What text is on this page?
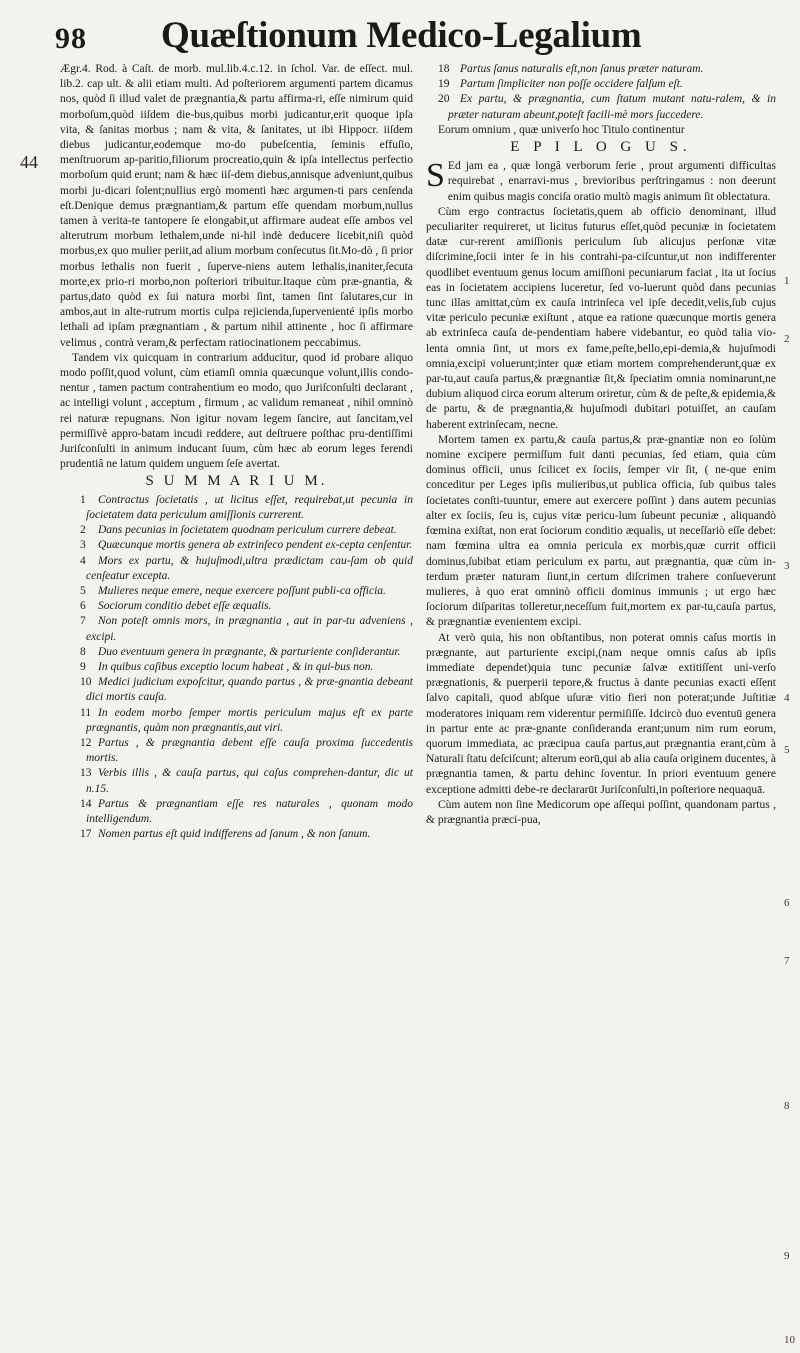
98 Quæſtionum Medico-Legalium
44

Ægr.4. Rod. à Caſt. de morb. mul.lib.4.c.12. in ſchol. Var. de eſſect. mul. lib.2. cap ult. & alii etiam multi. Ad poſteriorem argumenti partem dicamus nos, quòd ſi illud valet de prægnantia,& partu affirma-ri, eſſe nimirum quid morboſum,quòd iiſdem die-bus,quibus morbi judicantur,erit quoque ipſa vita, & ſanitas morbus ; nam & vita, & ſanitates, ut ibi Hippocr. iiſdem diebus judicantur,eodemque mo-do pubeſcentia, ſeminis effuſio, menſtruorum ap-paritio,filiorum procreatio,quin & ipſa intellectus perfectio morboſum quid erunt; nam & hæc iiſ-dem diebus,annisque adveniunt,quibus morbi ju-dicari ſolent;nullius ergò momenti hæc argumen-ti pars cenſenda eſt.Denique demus prægnantiam,& partum eſſe quendam morbum,nullus tamen à verita-te tantopere ſe elongabit,ut affirmare audeat eſſe ambos vel alterutrum morbum lethalem,unde ni-hil indè deducere licebit,niſi quòd morbus,ex quo mulier periit,ad alium morbum conſecutus ſit.Mo-dò , ſi prior morbus lethalis non fuerit , ſuperve-niens autem lethalis,inaniter,ſecuta morte,ex prio-ri morbo,non poſteriori tribuitur.Itaque cùm præ-gnantia, & partus,dato quòd ex ſui natura morbi ſint, tamen ſint ſalutares,cur in ambos,aut in alte-rutrum mortis culpa rejicienda,ſupervenienté ipſis morbo lethali ad ipſam prægnantiam , & partum nihil attinente , hoc ſi affirmare velimus , contrà veram,& perfectam ratiocinationem peccabimus.

Tandem vix quicquam in contrarium adducitur, quod id probare aliquo modo poſſit,quod volunt, cùm etiamſi omnia quæcunque volunt,illis condo-nentur , tamen pactum contrahentium eo modo, quo Juriſconſulti declarant , ac intelligi volunt , acceptum , firmum , ac validum remaneat , nihil omninò rei naturæ repugnans. Non igitur novam legem ſancire, aut ſancitam,vel permiſſivè appro-batam incudi reddere, aut deſtruere poſthac pru-dentiſſimi Juriſconſulti in animum inducant ſuum, cùm hæc ab eorum leges ferendi prudentiâ ne latum quidem unguem ſeſe avertat.

S U M M A R I U M.

1 Contractus ſocietatis , ut licitus eſſet, requirebat,ut pecunia in ſocietatem data periculum amiſſionis currerent.

2 Dans pecunias in ſocietatem quodnam periculum currere debeat.

3 Quæcunque mortis genera ab extrinſeco pendent ex-cepta cenſentur.

4 Mors ex partu, & hujuſmodi,ultra prædictam cau-ſam ob quid cenſeatur excepta.

5 Mulieres neque emere, neque exercere poſſunt publi-ca officia.

6 Sociorum conditio debet eſſe æqualis.

7 Non poteſt omnis mors, in prægnantia , aut in par-tu adveniens , excipi.

8 Duo eventuum genera in prægnante, & parturiente conſiderantur.

9 In quibus caſibus exceptio locum habeat , & in qui-bus non.

10 Medici judicium expoſcitur, quando partus , & præ-gnantia debeant dici mortis cauſa.

11 In eodem morbo ſemper mortis periculum majus eſt ex parte prægnantis, quàm non prægnantis,aut viri.

12 Partus , & prægnantia debent eſſe cauſa proxima ſuccedentis mortis.

13 Verbis illis , & cauſa partus, qui caſus comprehen-dantur, dic ut n.15.

14 Partus & prægnantiam eſſe res naturales , quonam modo intelligendum.

17 Nomen partus eſt quid indifferens ad ſanum , & non ſanum.

18 Partus ſanus naturalis eſt,non ſanus præter naturam.

19 Partum ſimpliciter non poſſe occidere falſum eſt.

20 Ex partu, & prægnantia, cum ſtatum mutant natu-ralem, & in præter naturam abeunt,poteſt facili-mè mors ſuccedere.

Eorum omnium , quæ univerſo hoc Titulo continentur

E P I L O G U S.

S Ed jam ea , quæ longâ verborum ſerie , prout argumenti difficultas requirebat , enarravi-mus , brevioribus perſtringamus : non deerunt enim quibus magis conciſa oratio multò magis animum ſit oblectatura.

Cùm ergo contractus ſocietatis,quem ab officio denominant, illud peculiariter requireret, ut licitus futurus eſſet,quòd pecuniæ in ſocietatem datæ cur-rerent amiſſionis periculum ſub alicujus perſonæ vitæ diſcrimine,ſocii inter ſe in his contrahi-pa-ciſcuntur,ut non indifferenter quodlibet eventuum genus locum amiſſioni pecuniarum faciat , ita ut ſocius eas in ſocietatem accipiens luceretur, ſed vo-luerunt quòd dans pecunias tunc illas amittat,cùm ex cauſa intrinſeca vel ipſe decedit,velis,ſub cujus vitæ periculo pecuniæ exiſtunt , atque ea ratione quæcunque mortis genera ab extrinſeca cauſa de-pendentiam habere videbantur, eo quòd talia vio-lenta omnia ſint, ut mors ex fame,peſte,bello,epi-demia,& hujuſmodi omnia,excipi voluerunt;inter quæ etiam mortem comprehenderunt,quæ ex par-tu,aut cauſa partus,& prægnantiæ ſit,& ſpeciatim omnia nominarunt,ne dubium aliquod circa eorum alterum oriretur, cùm & de peſte,& epidemia,& de partu, & de prægnantia,& hujuſmodi dubitari potuiſſet, an cauſam haberent extrinſecam, necne.

Mortem tamen ex partu,& cauſa partus,& præ-gnantiæ non eo ſolùm nomine excipere permiſſum fuit danti pecunias, ſed etiam, quia cùm dominus officii, unus ſcilicet ex ſociis, ſemper vir ſit, ( ne-que enim conceditur per Leges ipſis mulieribus,ut publica officia, ſub quibus tales ſocietates conſti-tuuntur, emere aut exercere poſſint ) dans autem pecunias alter ex ſociis, ſeu is, cujus vitæ pericu-lum ſubeunt pecuniæ , aliquandò fœmina exiſtat, non erat ſociorum conditio æqualis, ut neceſſariò eſſe debet: nam fœmina ultra ea omnia pericula ex morbis,quæ currit officii dominus,ſubibat etiam periculum ex partu, aut prægnantia, quæ cùm in-terdum præter naturam ſiunt,in certum diſcrimen trahere conſueverunt mulieres, à quo erat omninò officii dominus immunis ; ut ergo hæc ſociorum diſparitas tolleretur,neceſſum fuit,mortem ex par-tu,cauſa partus, & prægnantiæ evenientem excipi.

At verò quia, his non obſtantibus, non poterat omnis caſus mortis in prægnante, aut parturiente excipi,(nam neque omnis caſus ab ipſis immediate dependet)quia tunc pecuniæ ſalvæ extitiſſent uni-verſo prægnationis, & puerperii tepore,& fructus à dante pecunias exacti eſſent ſalvo capitali, quod abſque uſuræ vitio fieri non poterat;unde Juſtitiæ moderatores iniquam rem viderentur permiſiſſe. Idcircò duo eventuū genera in partur ente ac præ-gnante conſideranda erant;unum nim rum eorum, quorum immediata, ac præcipua cauſa partus,aut prægnantia erant,cùm à Naturali ſtatu deſciſcunt; alterum eorū,qui ab alia cauſa originem ducentes, à prægnantia tamen, & partu dehinc ſoventur. In priori eventuum genere exceptione admitti debe-re declararūt Juriſconſulti,in poſteriore nequaquā.

Cùm autem non ſine Medicorum ope aſſequi poſſint, quandonam partus , & prægnantia præci-pua,

1
2
3
4
5
6
7
8
9
10
